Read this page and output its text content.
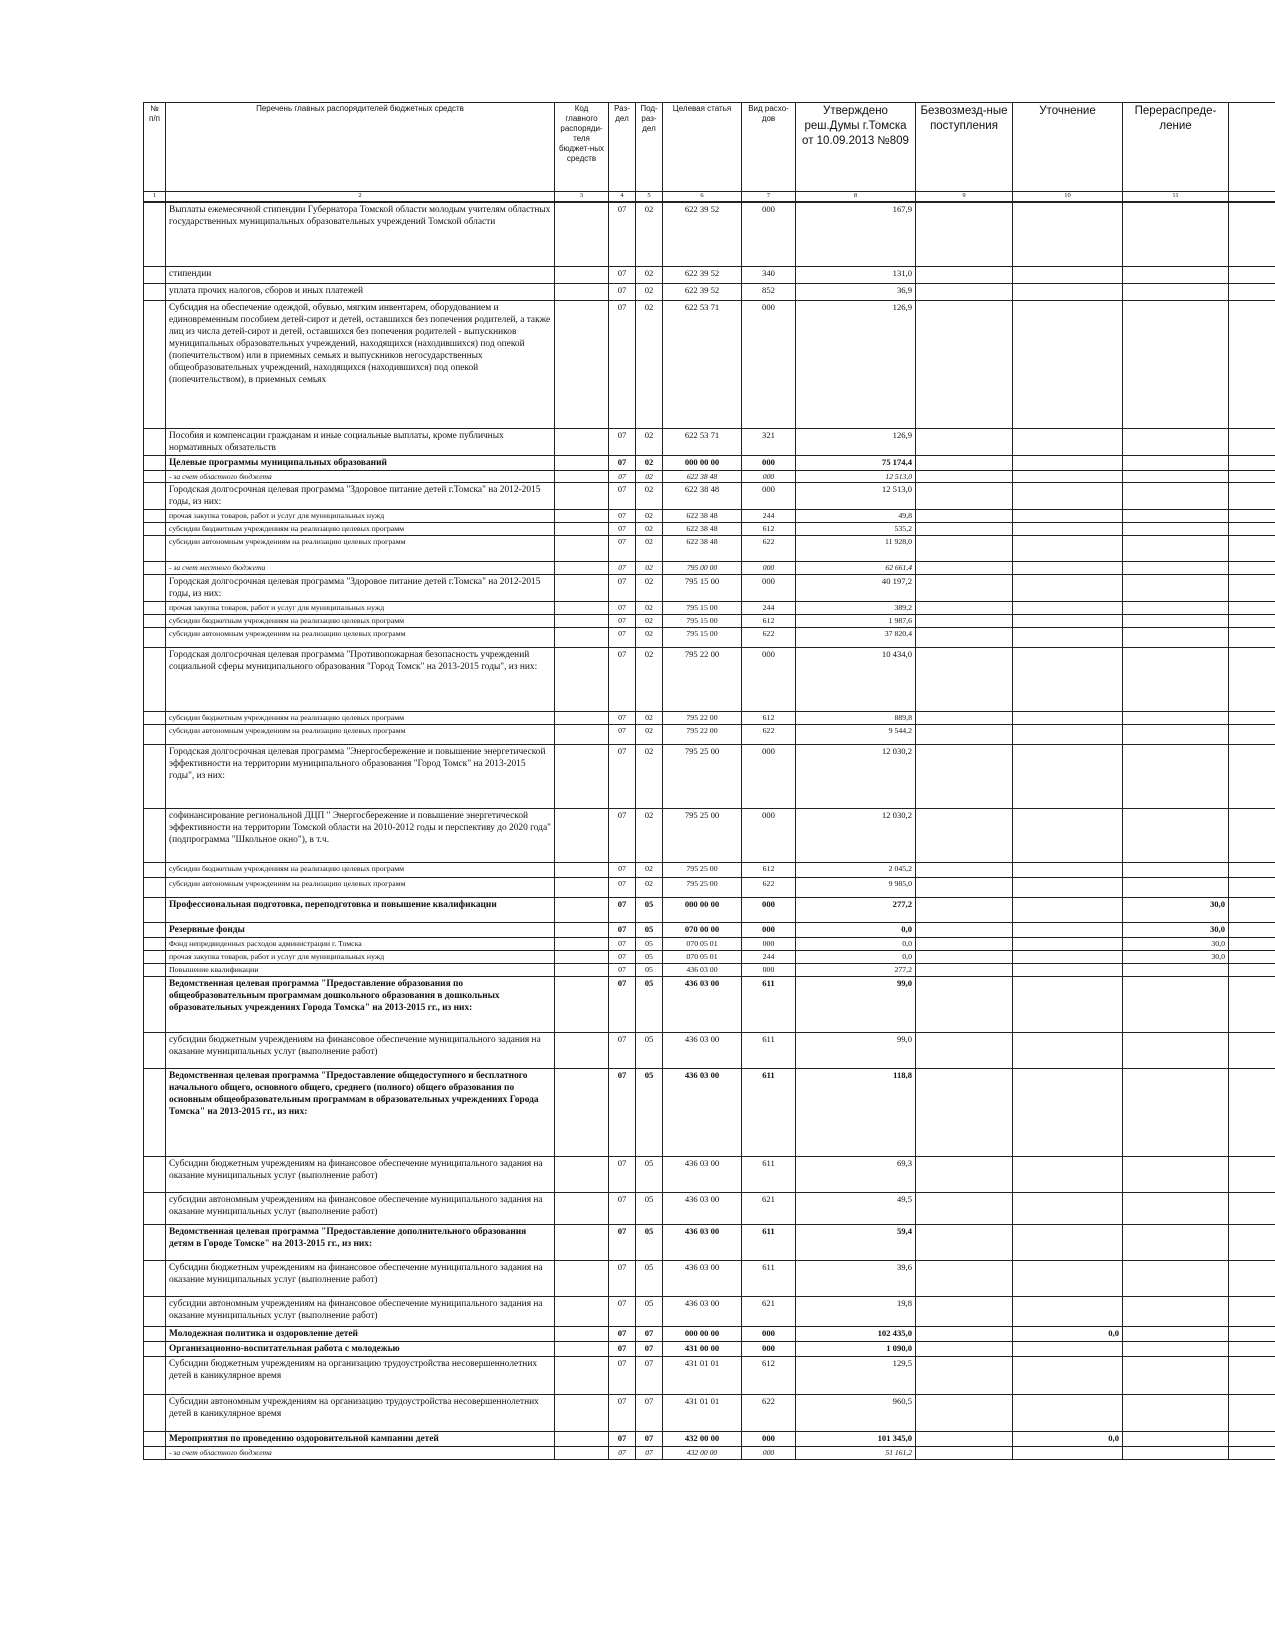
№ п/п	Перечень главных распорядителей бюджетных средств	Код главного распоряди-теля бюджет-ных средств	Раз-дел	Под-раз-дел	Целевая статья	Вид расхо-дов	Утверждено реш.Думы г.Томска от 10.09.2013 №809	Безвозмезд-ные поступления	Уточнение	Перераспреде-ление	
1	2	3	4	5	6	7	8	9	10	11	
	Выплаты ежемесячной стипендии Губернатора Томской области молодым учителям областных государственных муниципальных образовательных учреждений Томской области		07	02	622 39 52	000	167,9				
	стипендии		07	02	622 39 52	340	131,0				
	уплата прочих налогов, сборов и иных платежей		07	02	622 39 52	852	36,9				
	Субсидия на обеспечение одеждой, обувью, мягким инвентарем, оборудованием и единовременным пособием детей-сирот и детей, оставшихся без попечения родителей, а также лиц из числа детей-сирот и детей, оставшихся без попечения родителей - выпускников муниципальных образовательных учреждений, находящихся (находившихся) под опекой (попечительством) или в приемных семьях и выпускников негосударственных общеобразовательных учреждений, находящихся (находившихся) под опекой (попечительством), в приемных семьях		07	02	622 53 71	000	126,9				
	Пособия и компенсации гражданам и иные социальные выплаты, кроме публичных нормативных обязательств		07	02	622 53 71	321	126,9				
	Целевые программы муниципальных образований		07	02	000 00 00	000	75 174,4				
	- за счет областного бюджета		07	02	622 38 48	000	12 513,0				
	Городская долгосрочная целевая программа "Здоровое питание детей г.Томска" на 2012-2015 годы, из них:		07	02	622 38 48	000	12 513,0				
	прочая закупка товаров, работ и услуг для муниципальных нужд		07	02	622 38 48	244	49,8				
	субсидии бюджетным учреждениям на реализацию целевых программ		07	02	622 38 48	612	535,2				
	субсидии автономным учреждениям на реализацию целевых программ		07	02	622 38 48	622	11 928,0				
	- за счет местного бюджета		07	02	795 00 00	000	62 661,4				
	Городская долгосрочная целевая программа "Здоровое питание детей г.Томска" на 2012-2015 годы, из них:		07	02	795 15 00	000	40 197,2				
	прочая закупка товаров, работ и услуг для муниципальных нужд		07	02	795 15 00	244	389,2				
	субсидии бюджетным учреждениям на реализацию целевых программ		07	02	795 15 00	612	1 987,6				
	субсидии автономным учреждениям на реализацию целевых программ		07	02	795 15 00	622	37 820,4				
	Городская долгосрочная целевая программа "Противопожарная безопасность учреждений социальной сферы муниципального образования "Город Томск" на 2013-2015 годы", из них:		07	02	795 22 00	000	10 434,0				
	субсидии бюджетным учреждениям на реализацию целевых программ		07	02	795 22 00	612	889,8				
	субсидии автономным учреждениям на реализацию целевых программ		07	02	795 22 00	622	9 544,2				
	Городская долгосрочная целевая программа "Энергосбережение и повышение энергетической эффективности на территории муниципального образования "Город Томск" на 2013-2015 годы", из них:		07	02	795 25 00	000	12 030,2				
	софинансирование региональной ДЦП " Энергосбережение и повышение энергетической эффективности на территории Томской области на 2010-2012 годы и перспективу до 2020 года" (подпрограмма "Школьное окно"), в т.ч.		07	02	795 25 00	000	12 030,2				
	субсидии бюджетным учреждениям на реализацию целевых программ		07	02	795 25 00	612	2 045,2				
	субсидии автономным учреждениям на реализацию целевых программ		07	02	795 25 00	622	9 985,0				
	Профессиональная подготовка, переподготовка и повышение квалификации		07	05	000 00 00	000	277,2			30,0	
	Резервные фонды		07	05	070 00 00	000	0,0			30,0	
	Фонд непредвиденных расходов администрации г. Томска		07	05	070 05 01	000	0,0			30,0	
	прочая закупка товаров, работ и услуг для муниципальных нужд		07	05	070 05 01	244	0,0			30,0	
	Повышение квалификации		07	05	436 03 00	000	277,2				
	Ведомственная целевая программа "Предоставление образования по общеобразовательным программам дошкольного образования в дошкольных образовательных учреждениях Города Томска" на 2013-2015 гг., из них:		07	05	436 03 00	611	99,0				
	субсидии бюджетным учреждениям на финансовое обеспечение муниципального задания на оказание муниципальных услуг (выполнение работ)		07	05	436 03 00	611	99,0				
	Ведомственная целевая программа "Предоставление общедоступного и бесплатного начального общего, основного общего, среднего (полного) общего образования по основным общеобразовательным программам в образовательных учреждениях Города Томска" на 2013-2015 гг., из них:		07	05	436 03 00	611	118,8				
	Субсидии бюджетным учреждениям на финансовое обеспечение муниципального задания на оказание муниципальных услуг (выполнение работ)		07	05	436 03 00	611	69,3				
	субсидии автономным учреждениям на финансовое обеспечение муниципального задания на оказание муниципальных услуг (выполнение работ)		07	05	436 03 00	621	49,5				
	Ведомственная целевая программа "Предоставление дополнительного образования детям в Городе Томске" на 2013-2015 гг., из них:		07	05	436 03 00	611	59,4				
	Субсидии бюджетным учреждениям на финансовое обеспечение муниципального задания на оказание муниципальных услуг (выполнение работ)		07	05	436 03 00	611	39,6				
	субсидии автономным учреждениям на финансовое обеспечение муниципального задания на оказание муниципальных услуг (выполнение работ)		07	05	436 03 00	621	19,8				
	Молодежная политика и оздоровление детей		07	07	000 00 00	000	102 435,0		0,0		
	Организационно-воспитательная работа с молодежью		07	07	431 00 00	000	1 090,0				
	Субсидии бюджетным учреждениям на организацию трудоустройства несовершеннолетних детей в каникулярное время		07	07	431 01 01	612	129,5				
	Субсидии автономным учреждениям на организацию трудоустройства несовершеннолетних детей в каникулярное время		07	07	431 01 01	622	960,5				
	Мероприятия по проведению оздоровительной кампании детей		07	07	432 00 00	000	101 345,0		0,0		
	- за счет областного бюджета		07	07	432 00 00	000	51 161,2				
